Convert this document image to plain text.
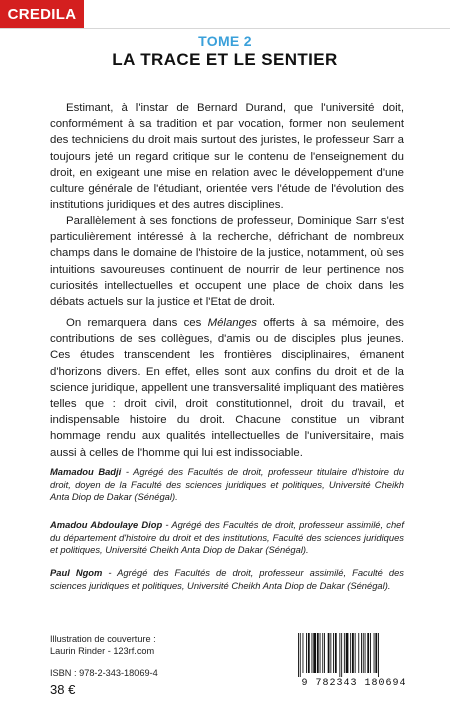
CREDILA
TOME 2
LA TRACE ET LE SENTIER

Estimant, à l'instar de Bernard Durand, que l'université doit, conformément à sa tradition et par vocation, former non seulement des techniciens du droit mais surtout des juristes, le professeur Sarr a toujours jeté un regard critique sur le contenu de l'enseignement du droit, en exigeant une mise en relation avec le développement d'une culture générale de l'étudiant, orientée vers l'étude de l'évolution des institutions juridiques et des autres disciplines.

Parallèlement à ses fonctions de professeur, Dominique Sarr s'est particulièrement intéressé à la recherche, défrichant de nombreux champs dans le domaine de l'histoire de la justice, notamment, où ses intuitions savoureuses continuent de nourrir de leur pertinence nos curiosités intellectuelles et occupent une place de choix dans les débats actuels sur la justice et l'Etat de droit.

On remarquera dans ces Mélanges offerts à sa mémoire, des contributions de ses collègues, d'amis ou de disciples plus jeunes. Ces études transcendent les frontières disciplinaires, émanent d'horizons divers. En effet, elles sont aux confins du droit et de la science juridique, appellent une transversalité impliquant des matières telles que : droit civil, droit constitutionnel, droit du travail, et indispensable histoire du droit. Chacune constitue un vibrant hommage rendu aux qualités intellectuelles de l'universitaire, mais aussi à celles de l'homme qui lui est indissociable.

Mamadou Badji - Agrégé des Facultés de droit, professeur titulaire d'histoire du droit, doyen de la Faculté des sciences juridiques et politiques, Université Cheikh Anta Diop de Dakar (Sénégal).
Amadou Abdoulaye Diop - Agrégé des Facultés de droit, professeur assimilé, chef du département d'histoire du droit et des institutions, Faculté des sciences juridiques et politiques, Université Cheikh Anta Diop de Dakar (Sénégal).
Paul Ngom - Agrégé des Facultés de droit, professeur assimilé, Faculté des sciences juridiques et politiques, Université Cheikh Anta Diop de Dakar (Sénégal).
Illustration de couverture :
Laurin Rinder - 123rf.com
ISBN : 978-2-343-18069-4
38 €	9 782343 180694
